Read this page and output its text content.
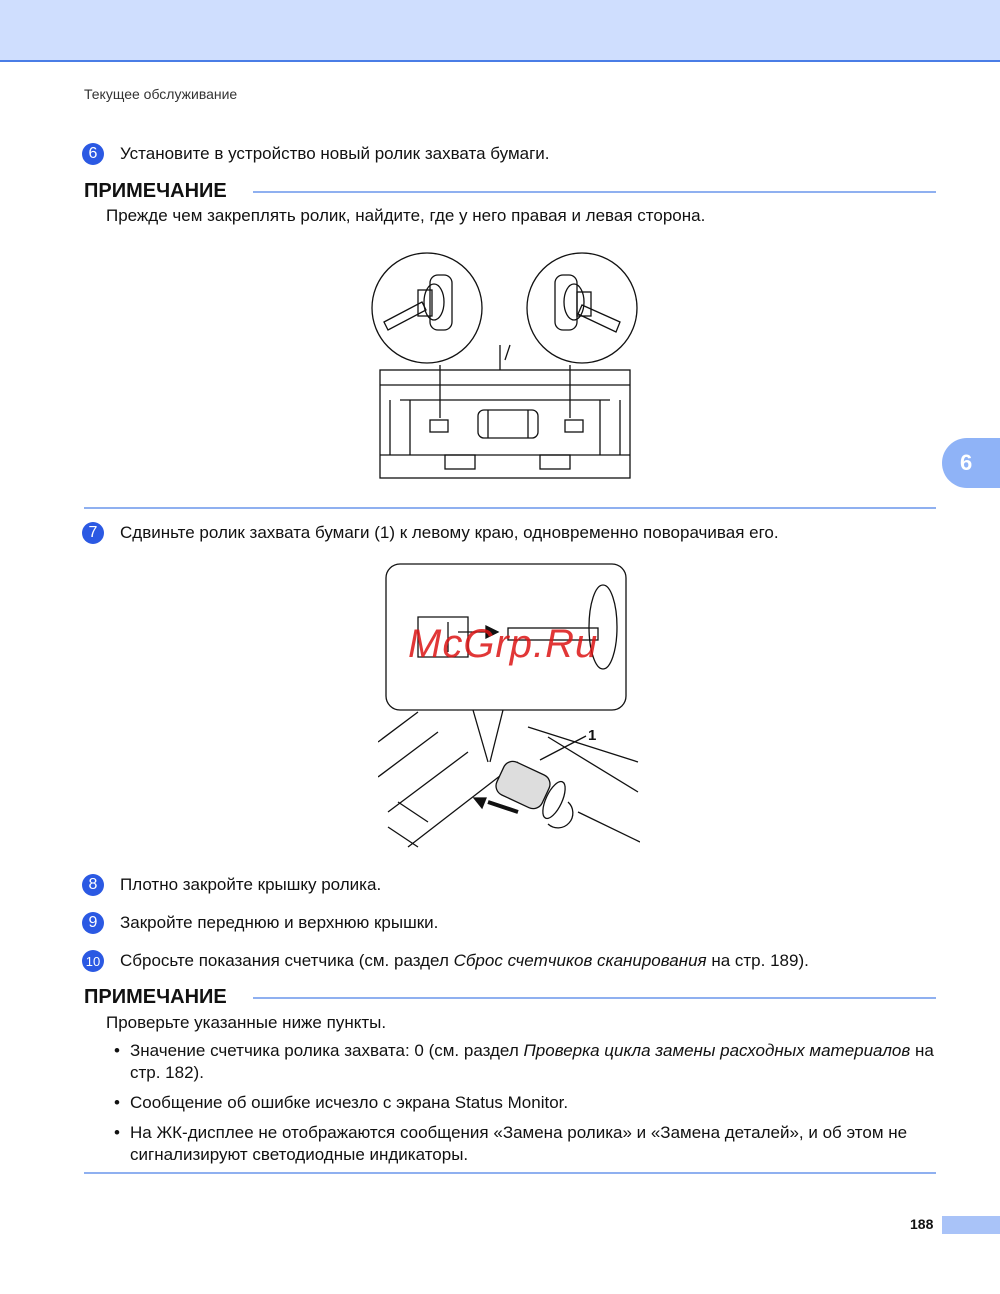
Текущее обслуживание
6	Установите в устройство новый ролик захвата бумаги.
ПРИМЕЧАНИЕ
Прежде чем закреплять ролик, найдите, где у него правая и левая сторона.
7	Сдвиньте ролик захвата бумаги (1) к левому краю, одновременно поворачивая его.
1
McGrp.Ru
8	Плотно закройте крышку ролика.
9	Закройте переднюю и верхнюю крышки.
10 Сбросьте показания счетчика (см. раздел Сброс счетчиков сканирования на стр. 189).
ПРИМЕЧАНИЕ
Проверьте указанные ниже пункты.
• Значение счетчика ролика захвата: 0 (см. раздел Проверка цикла замены расходных материалов на стр. 182).
• Сообщение об ошибке исчезло с экрана Status Monitor.
• На ЖК-дисплее не отображаются сообщения «Замена ролика» и «Замена деталей», и об этом не сигнализируют светодиодные индикаторы.
6
188
